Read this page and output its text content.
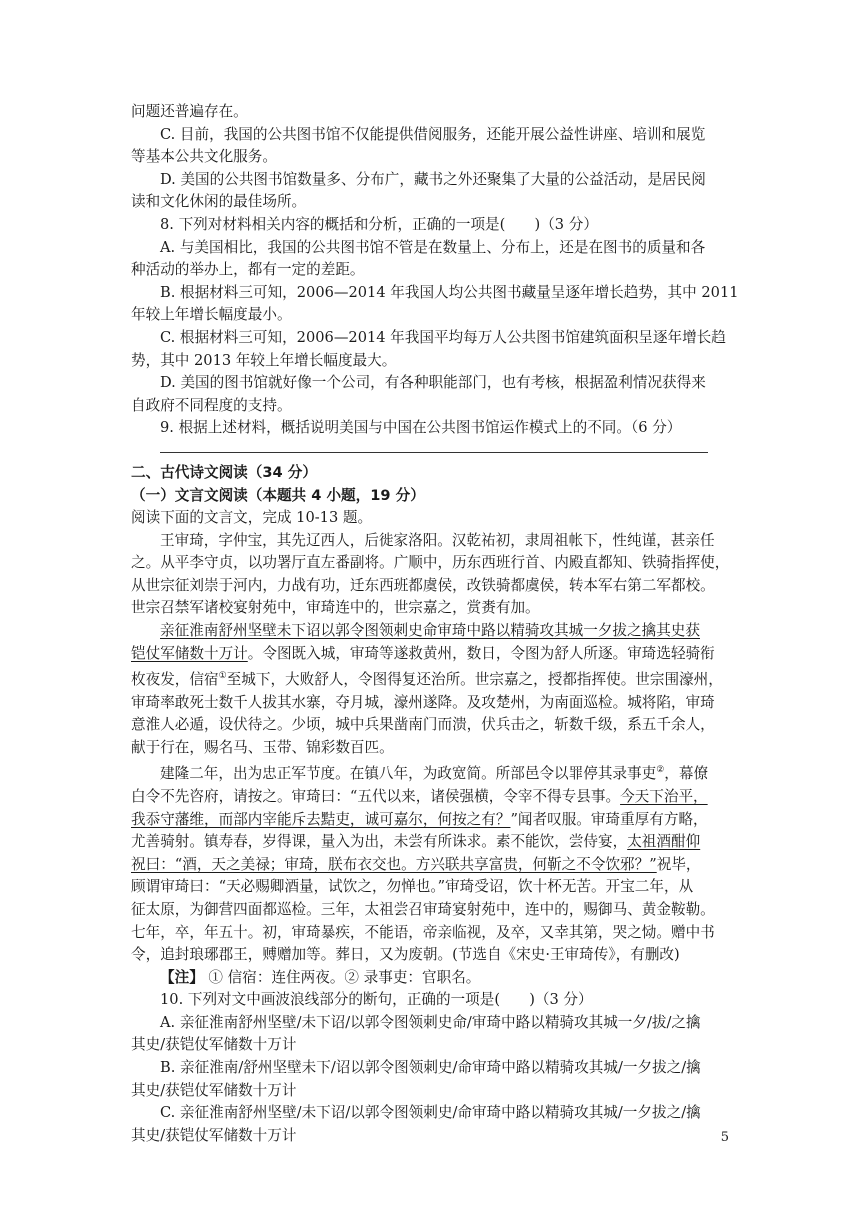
问题还普遍存在。
C. 目前，我国的公共图书馆不仅能提供借阅服务，还能开展公益性讲座、培训和展览
等基本公共文化服务。
D. 美国的公共图书馆数量多、分布广，藏书之外还聚集了大量的公益活动，是居民阅
读和文化休闲的最佳场所。
8. 下列对材料相关内容的概括和分析，正确的一项是(　　)（3 分）
A. 与美国相比，我国的公共图书馆不管是在数量上、分布上，还是在图书的质量和各
种活动的举办上，都有一定的差距。
B. 根据材料三可知，2006—2014 年我国人均公共图书藏量呈逐年增长趋势，其中 2011
年较上年增长幅度最小。
C. 根据材料三可知，2006—2014 年我国平均每万人公共图书馆建筑面积呈逐年增长趋
势，其中 2013 年较上年增长幅度最大。
D. 美国的图书馆就好像一个公司，有各种职能部门，也有考核，根据盈利情况获得来
自政府不同程度的支持。
9. 根据上述材料，概括说明美国与中国在公共图书馆运作模式上的不同。（6 分）
二、古代诗文阅读（34 分）
（一）文言文阅读（本题共 4 小题，19 分）
阅读下面的文言文，完成 10-13 题。
王审琦，字仲宝，其先辽西人，后徙家洛阳。汉乾祐初，隶周祖帐下，性纯谨，甚亲任
之。从平李守贞，以功署厅直左番副将。广顺中，历东西班行首、内殿直都知、铁骑指挥使，
从世宗征刘崇于河内，力战有功，迁东西班都虞侯，改铁骑都虞侯，转本军右第二军都校。
世宗召禁军诸校宴射苑中，审琦连中的，世宗嘉之，赏赉有加。
亲征淮南舒州坚壁未下诏以郭令图领刺史命审琦中路以精骑攻其城一夕拔之擒其史获
铠仗军储数十万计。令图既入城，审琦等遂救黄州，数日，令图为舒人所逐。审琦选轻骑衔
枚夜发，信宿①至城下，大败舒人，令图得复还治所。世宗嘉之，授都指挥使。世宗围濠州，
审琦率敢死士数千人拔其水寨，夺月城，濠州遂降。及攻楚州，为南面巡检。城将陷，审琦
意淮人必遁，设伏待之。少顷，城中兵果凿南门而溃，伏兵击之，斩数千级，系五千余人，
献于行在，赐名马、玉带、锦彩数百匹。
建隆二年，出为忠正军节度。在镇八年，为政宽简。所部邑令以罪停其录事吏②，幕僚
白令不先咨府，请按之。审琦曰：“五代以来，诸侯强横，令宰不得专县事。今天下治平，
我忝守藩维，而部内宰能斥去黠吏，诚可嘉尔，何按之有？”闻者叹服。审琦重厚有方略，
尤善骑射。镇寿春，岁得课，量入为出，未尝有所诛求。素不能饮，尝侍宴，太祖酒酣仰
祝曰：“酒，天之美禄；审琦，朕布衣交也。方兴联共享富贵，何靳之不令饮邪？”祝毕，
顾谓审琦曰：“天必赐卿酒量，试饮之，勿惮也。”审琦受诏，饮十杯无苦。开宝二年，从
征太原，为御营四面都巡检。三年，太祖尝召审琦宴射苑中，连中的，赐御马、黄金鞍勒。
七年，卒，年五十。初，审琦暴疾，不能语，帝亲临视，及卒，又幸其第，哭之恸。赠中书
令，追封琅琊郡王，赙赠加等。葬日，又为废朝。(节选自《宋史·王审琦传》，有删改)
【注】 ① 信宿：连住两夜。② 录事吏：官职名。
10. 下列对文中画波浪线部分的断句，正确的一项是(　　)（3 分）
A. 亲征淮南舒州坚壁/未下诏/以郭令图领刺史命/审琦中路以精骑攻其城一夕/拔/之擒
其史/获铠仗军储数十万计
B. 亲征淮南/舒州坚壁未下/诏以郭令图领刺史/命审琦中路以精骑攻其城/一夕拔之/擒
其史/获铠仗军储数十万计
C. 亲征淮南舒州坚壁/未下诏/以郭令图领刺史/命审琦中路以精骑攻其城/一夕拔之/擒
其史/获铠仗军储数十万计	5
